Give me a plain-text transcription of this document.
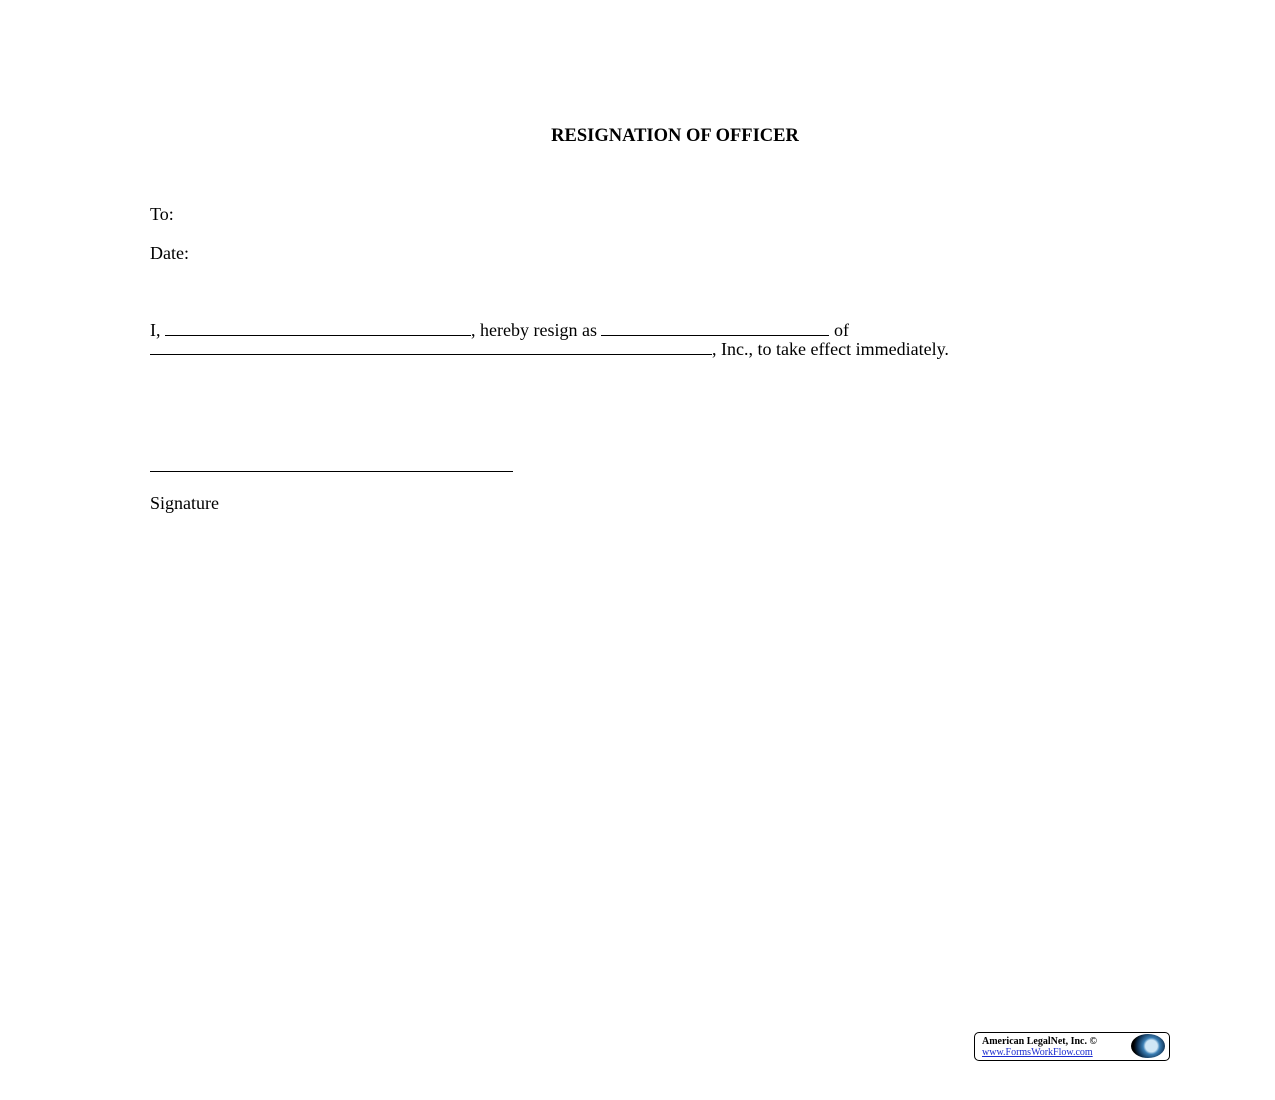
RESIGNATION OF OFFICER
To:
Date:
I,	, hereby resign as	of
, Inc., to take effect immediately.
Signature
American LegalNet, Inc. ©
www.FormsWorkFlow.com
